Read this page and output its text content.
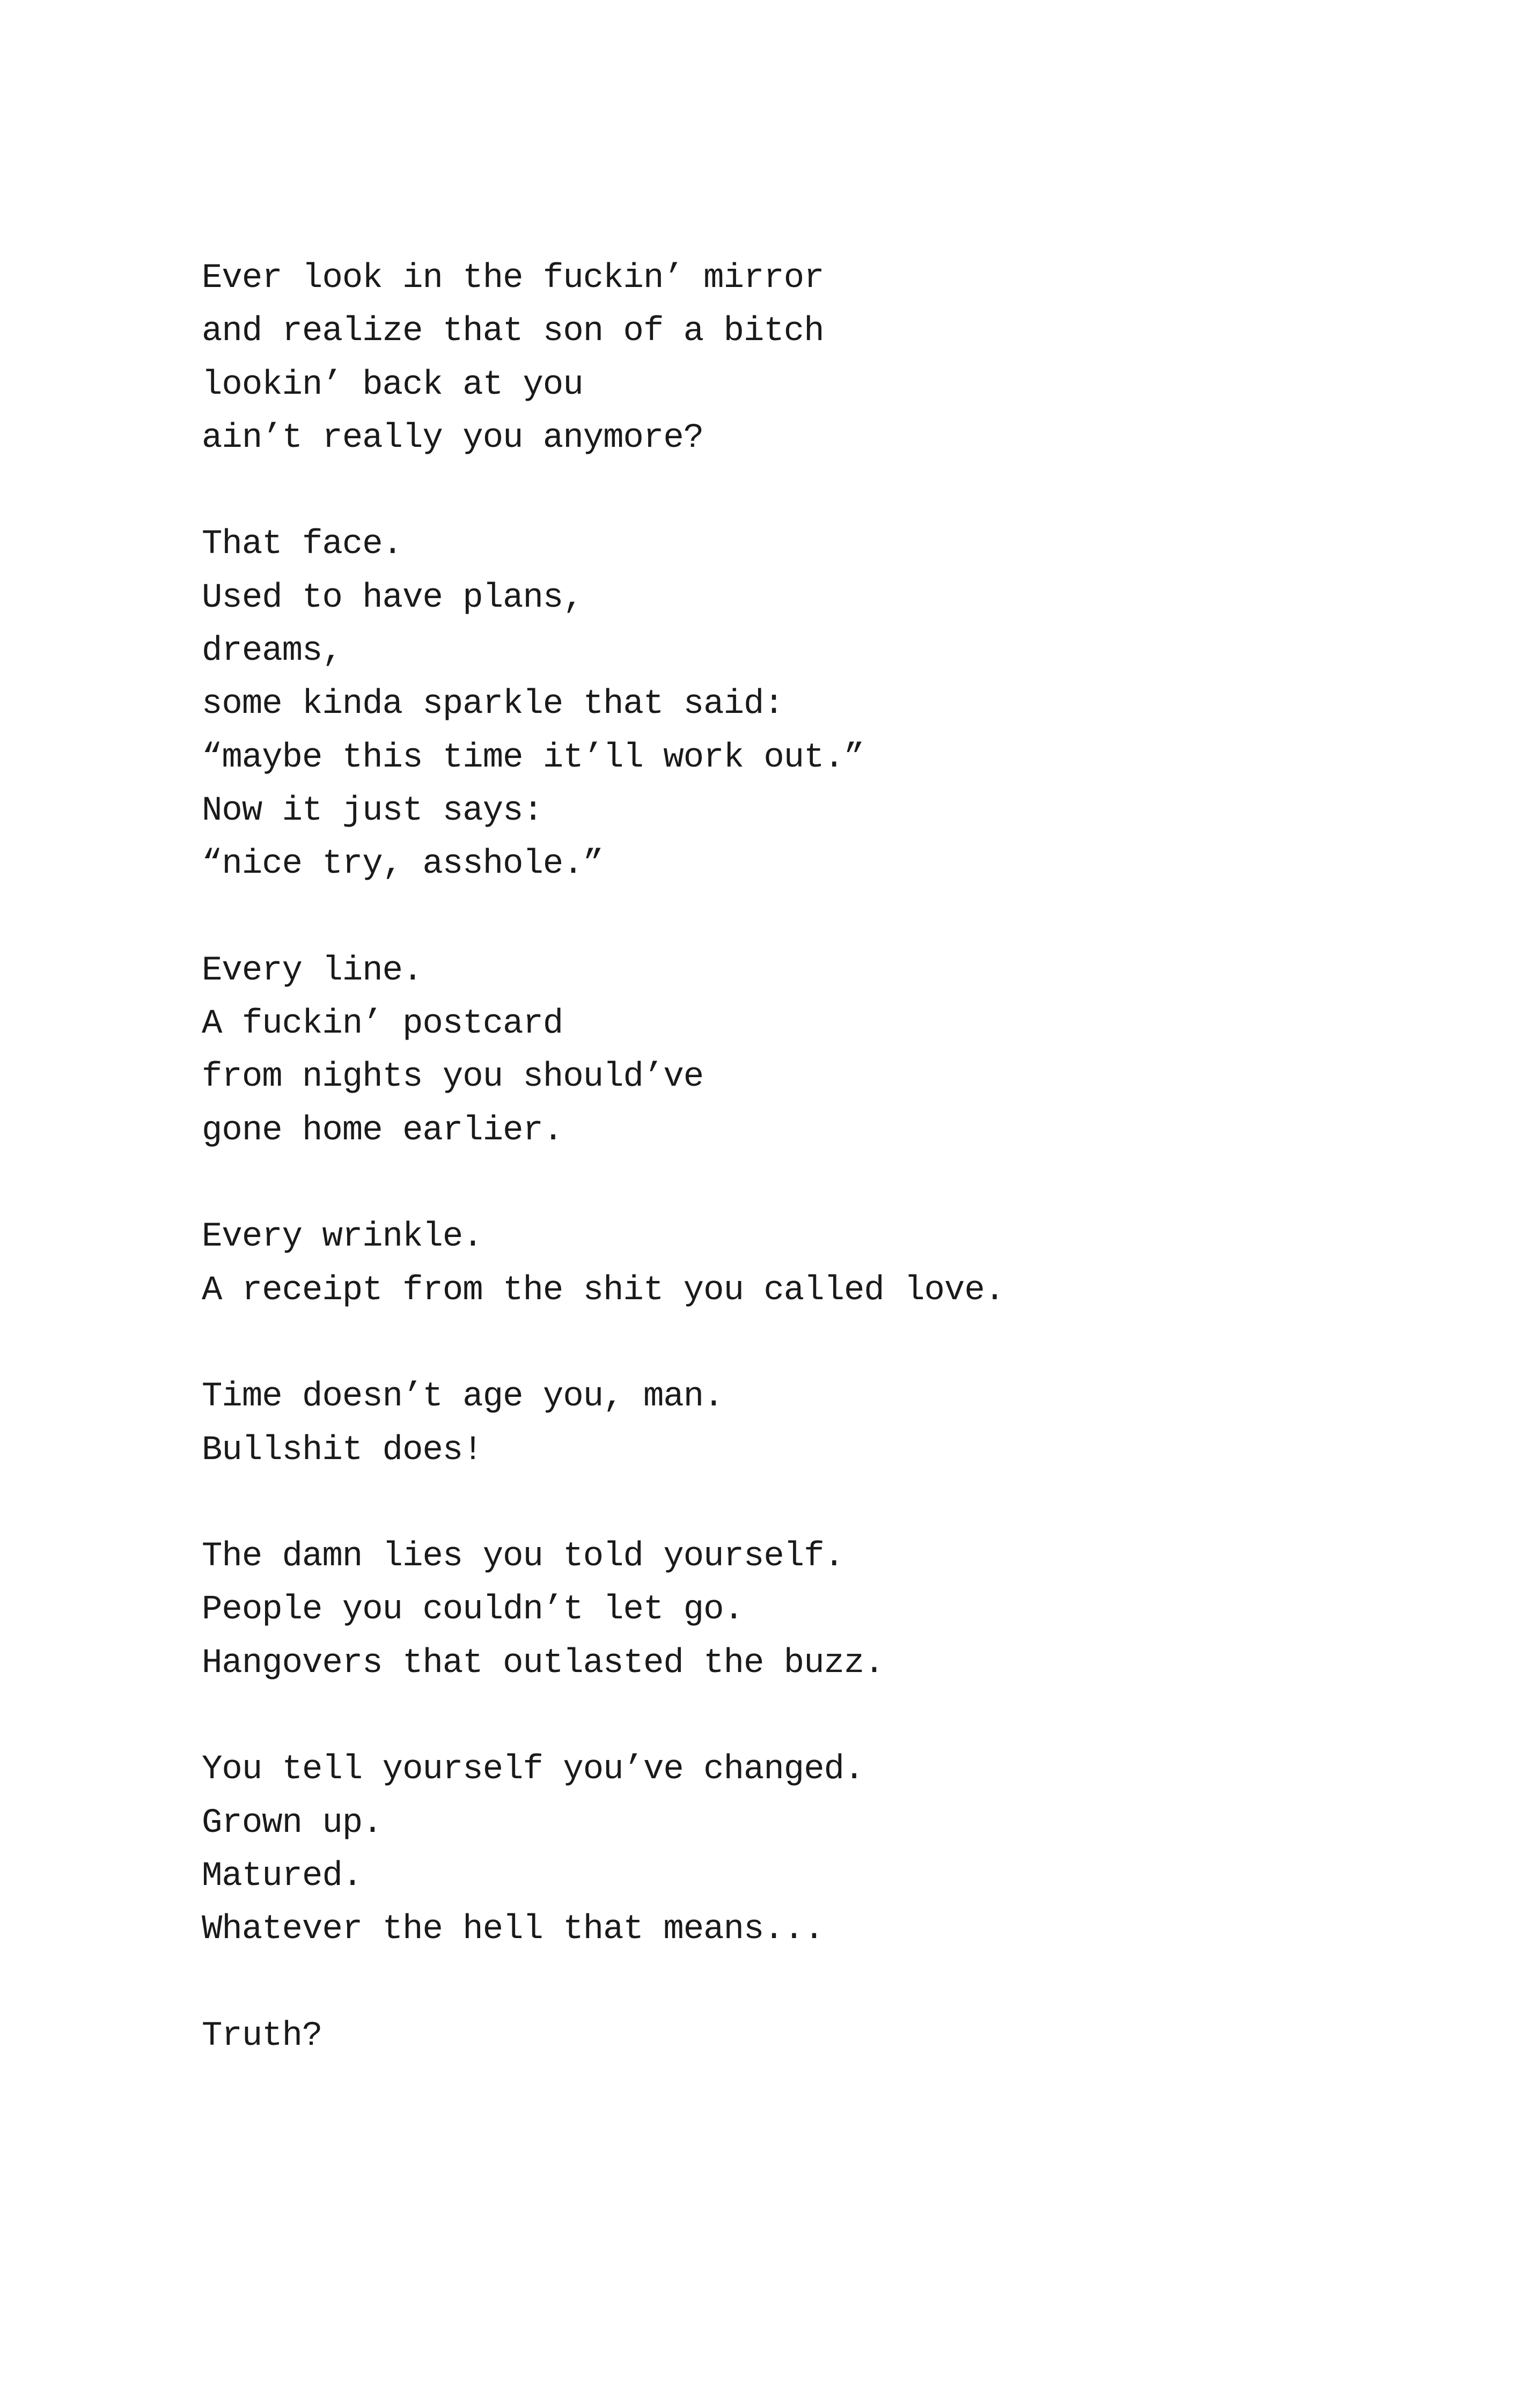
Ever look in the fuckin’ mirror
and realize that son of a bitch
lookin’ back at you
ain’t really you anymore?
That face.
Used to have plans,
dreams,
some kinda sparkle that said:
“maybe this time it’ll work out.”
Now it just says:
“nice try, asshole.”
Every line.
A fuckin’ postcard
from nights you should’ve
gone home earlier.
Every wrinkle.
A receipt from the shit you called love.
Time doesn’t age you, man.
Bullshit does!
The damn lies you told yourself.
People you couldn’t let go.
Hangovers that outlasted the buzz.
You tell yourself you’ve changed.
Grown up.
Matured.
Whatever the hell that means...
Truth?
